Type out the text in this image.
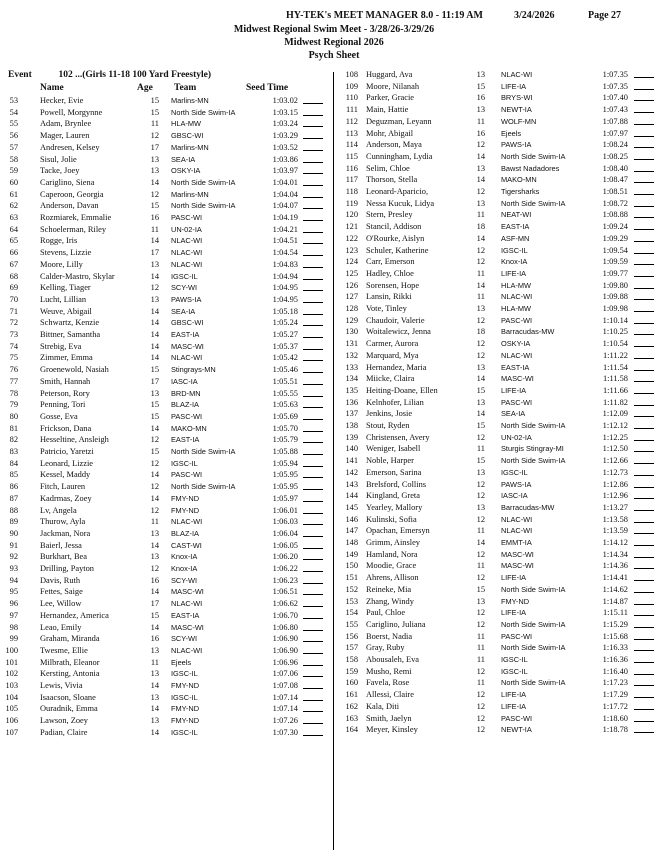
HY-TEK's MEET MANAGER 8.0 - 11:19 AM	3/24/2026	Page 27
Midwest Regional Swim Meet - 3/28/26-3/29/26
Midwest Regional 2026
Psych Sheet
Event	102 ...(Girls 11-18 100 Yard Freestyle)
Name	Age Team	Seed Time
53	Hecker, Evie	15 Marlins-MN	1:03.02
54	Powell, Morgynne	15 North Side Swim-IA	1:03.15
55	Adam, Brynlee	11 HLA-MW	1:03.24
56	Mager, Lauren	12 GBSC-WI	1:03.29
57	Andresen, Kelsey	17 Marlins-MN	1:03.52
58	Sisul, Jolie	13 SEA-IA	1:03.86
59	Tacke, Joey	13 OSKY-IA	1:03.97
60	Cariglino, Siena	14 North Side Swim-IA	1:04.01
61	Caperoon, Georgia	12 Marlins-MN	1:04.04
62	Anderson, Davan	15 North Side Swim-IA	1:04.07
63	Rozmiarek, Emmalie	16 PASC-WI	1:04.19
64	Schoelerman, Riley	11 UN-02-IA	1:04.21
65	Rogge, Iris	14 NLAC-WI	1:04.51
66	Stevens, Lizzie	17 NLAC-WI	1:04.54
67	Moore, Lilly	13 NLAC-WI	1:04.83
68	Calder-Mastro, Skylar	14 IGSC-IL	1:04.94
69	Kelling, Tiager	12 SCY-WI	1:04.95
70	Lucht, Lillian	13 PAWS-IA	1:04.95
71	Weuve, Abigail	14 SEA-IA	1:05.18
72	Schwartz, Kenzie	14 GBSC-WI	1:05.24
73	Bittner, Samantha	14 EAST-IA	1:05.27
74	Strebig, Eva	14 MASC-WI	1:05.37
75	Zimmer, Emma	14 NLAC-WI	1:05.42
76	Groenewold, Nasiah	15 Stingrays-MN	1:05.46
77	Smith, Hannah	17 IASC-IA	1:05.51
78	Peterson, Rory	13 BRD-MN	1:05.55
79	Penning, Tori	15 BLAZ-IA	1:05.63
80	Gosse, Eva	15 PASC-WI	1:05.69
81	Frickson, Dana	14 MAKO-MN	1:05.70
82	Hesseltine, Ansleigh	12 EAST-IA	1:05.79
83	Patricio, Yaretzi	15 North Side Swim-IA	1:05.88
84	Leonard, Lizzie	12 IGSC-IL	1:05.94
85	Kessel, Maddy	14 PASC-WI	1:05.95
86	Fitch, Lauren	12 North Side Swim-IA	1:05.95
87	Kadrmas, Zoey	14 FMY-ND	1:05.97
88	Lv, Angela	12 FMY-ND	1:06.01
89	Thurow, Ayla	11 NLAC-WI	1:06.03
90	Jackman, Nora	13 BLAZ-IA	1:06.04
91	Baierl, Jessa	14 CAST-WI	1:06.05
92	Burkhart, Bea	13 Knox-IA	1:06.20
93	Drilling, Payton	12 Knox-IA	1:06.22
94	Davis, Ruth	16 SCY-WI	1:06.23
95	Fettes, Saige	14 MASC-WI	1:06.51
96	Lee, Willow	17 NLAC-WI	1:06.62
97	Hernandez, America	15 EAST-IA	1:06.70
98	Leao, Emily	14 MASC-WI	1:06.80
99	Graham, Miranda	16 SCY-WI	1:06.90
100	Twesme, Ellie	13 NLAC-WI	1:06.90
101	Milbrath, Eleanor	11 Ejeels	1:06.96
102	Kersting, Antonia	13 IGSC-IL	1:07.06
103	Lewis, Vivia	14 FMY-ND	1:07.08
104	Isaacson, Sloane	13 IGSC-IL	1:07.14
105	Ouradnik, Emma	14 FMY-ND	1:07.14
106	Lawson, Zoey	13 FMY-ND	1:07.26
107	Padian, Claire	14 IGSC-IL	1:07.30
108 Huggard, Ava	13 NLAC-WI	1:07.35
109 Moore, Nilanah	15 LIFE-IA	1:07.35
110 Parker, Gracie	16 BRYS-WI	1:07.40
111 Main, Hattie	13 NEWT-IA	1:07.43
112 Deguzman, Leyann	11 WOLF-MN	1:07.88
113 Mohr, Abigail	16 Ejeels	1:07.97
114 Anderson, Maya	12 PAWS-IA	1:08.24
115 Cunningham, Lydia	14 North Side Swim-IA	1:08.25
116 Selim, Chloe	13 Bawst Nadadores	1:08.40
117 Thorson, Stella	14 MAKO-MN	1:08.47
118 Leonard-Aparicio,	12 Tigersharks	1:08.51
119 Nessa Kucuk, Lidya	13 North Side Swim-IA	1:08.72
120 Stern, Presley	11 NEAT-WI	1:08.88
121 Stancil, Addison	18 EAST-IA	1:09.24
122 O'Rourke, Aislyn	14 ASF-MN	1:09.29
123 Schuler, Katherine	12 IGSC-IL	1:09.54
124 Carr, Emerson	12 Knox-IA	1:09.59
125 Hadley, Chloe	11 LIFE-IA	1:09.77
126 Sorensen, Hope	14 HLA-MW	1:09.80
127 Lansin, Rikki	11 NLAC-WI	1:09.88
128 Vote, Tinley	13 HLA-MW	1:09.98
129 Chaudoir, Valerie	12 PASC-WI	1:10.14
130 Woitalewicz, Jenna	18 Barracudas-MW	1:10.25
131 Carmer, Aurora	12 OSKY-IA	1:10.54
132 Marquard, Mya	12 NLAC-WI	1:11.22
133 Hernandez, Maria	13 EAST-IA	1:11.54
134 Miicke, Claira	14 MASC-WI	1:11.58
135 Heiting-Doane, Ellen	15 LIFE-IA	1:11.66
136 Kelnhofer, Lilian	13 PASC-WI	1:11.82
137 Jenkins, Josie	14 SEA-IA	1:12.09
138 Stout, Ryden	15 North Side Swim-IA	1:12.12
139 Christensen, Avery	12 UN-02-IA	1:12.25
140 Weniger, Isabell	11 Sturgis Stingray-MI	1:12.50
141 Noble, Harper	15 North Side Swim-IA	1:12.66
142 Emerson, Sarina	13 IGSC-IL	1:12.73
143 Brelsford, Collins	12 PAWS-IA	1:12.86
144 Kingland, Greta	12 IASC-IA	1:12.96
145 Yearley, Mallory	13 Barracudas-MW	1:13.27
146 Kulinski, Sofia	12 NLAC-WI	1:13.58
147 Opachan, Emersyn	11 NLAC-WI	1:13.59
148 Grimm, Ainsley	14 EMMT-IA	1:14.12
149 Hamland, Nora	12 MASC-WI	1:14.34
150 Moodie, Grace	11 MASC-WI	1:14.36
151 Ahrens, Allison	12 LIFE-IA	1:14.41
152 Reineke, Mia	15 North Side Swim-IA	1:14.62
153 Zhang, Windy	13 FMY-ND	1:14.87
154 Paul, Chloe	12 LIFE-IA	1:15.11
155 Cariglino, Juliana	12 North Side Swim-IA	1:15.29
156 Boerst, Nadia	11 PASC-WI	1:15.68
157 Gray, Ruby	11 North Side Swim-IA	1:16.33
158 Abousaleh, Eva	11 IGSC-IL	1:16.36
159 Musho, Remi	12 IGSC-IL	1:16.40
160 Favela, Rose	11 North Side Swim-IA	1:17.23
161 Allessi, Claire	12 LIFE-IA	1:17.29
162 Kala, Diti	12 LIFE-IA	1:17.72
163 Smith, Jaelyn	12 PASC-WI	1:18.60
164 Meyer, Kinsley	12 NEWT-IA	1:18.78
